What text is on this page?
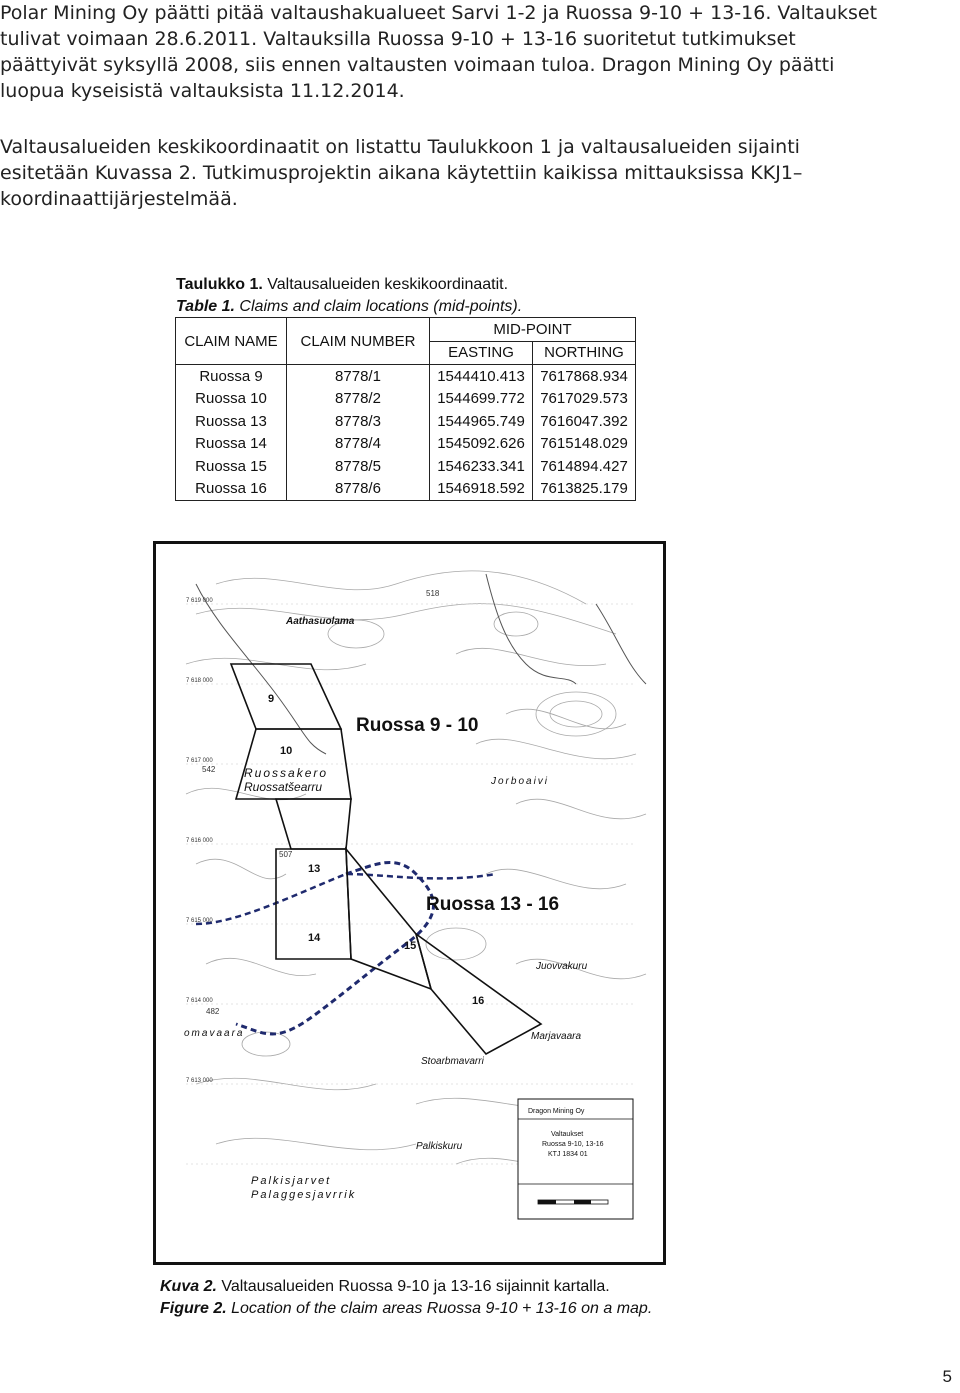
Polar Mining Oy päätti pitää valtaushakualueet Sarvi 1-2 ja Ruossa 9-10 + 13-16. Valtaukset
tulivat voimaan 28.6.2011. Valtauksilla Ruossa 9-10 + 13-16 suoritetut tutkimukset
päättyivät syksyllä 2008, siis ennen valtausten voimaan tuloa. Dragon Mining Oy päätti
luopua kyseisistä valtauksista 11.12.2014.
Valtausalueiden keskikoordinaatit on listattu Taulukkoon 1 ja valtausalueiden sijainti
esitetään Kuvassa 2. Tutkimusprojektin aikana käytettiin kaikissa mittauksissa KKJ1–
koordinaattijärjestelmää.
Taulukko 1. Valtausalueiden keskikoordinaatit.
Table 1. Claims and claim locations (mid-points).
CLAIM NAME	CLAIM NUMBER	MID-POINT	
		EASTING	NORTHING
Ruossa 9	8778/1	1544410.413	7617868.934
Ruossa 10	8778/2	1544699.772	7617029.573
Ruossa 13	8778/3	1544965.749	7616047.392
Ruossa 14	8778/4	1545092.626	7615148.029
Ruossa 15	8778/5	1546233.341	7614894.427
Ruossa 16	8778/6	1546918.592	7613825.179
9
10
13
14
15
16
Ruossa 9 - 10
Ruossa 13 - 16
Aathasuolama
Ruossakero
Ruossatšearru	Jorboaivi
Juovvakuru
Marjavaara
omavaara
Stoarbmavarri
Palkiskuru
Palkisjarvet
Palaggesjavrrik
518
542
507
482
7 619 000
7 618 000
7 617 000
7 616 000
7 615 000
7 614 000
7 613 000
Dragon Mining Oy
Valtaukset
Ruossa 9-10, 13-16
KTJ 1834 01
Kuva 2. Valtausalueiden Ruossa 9-10 ja 13-16 sijainnit kartalla.
Figure 2. Location of the claim areas Ruossa 9-10 + 13-16 on a map.
5
